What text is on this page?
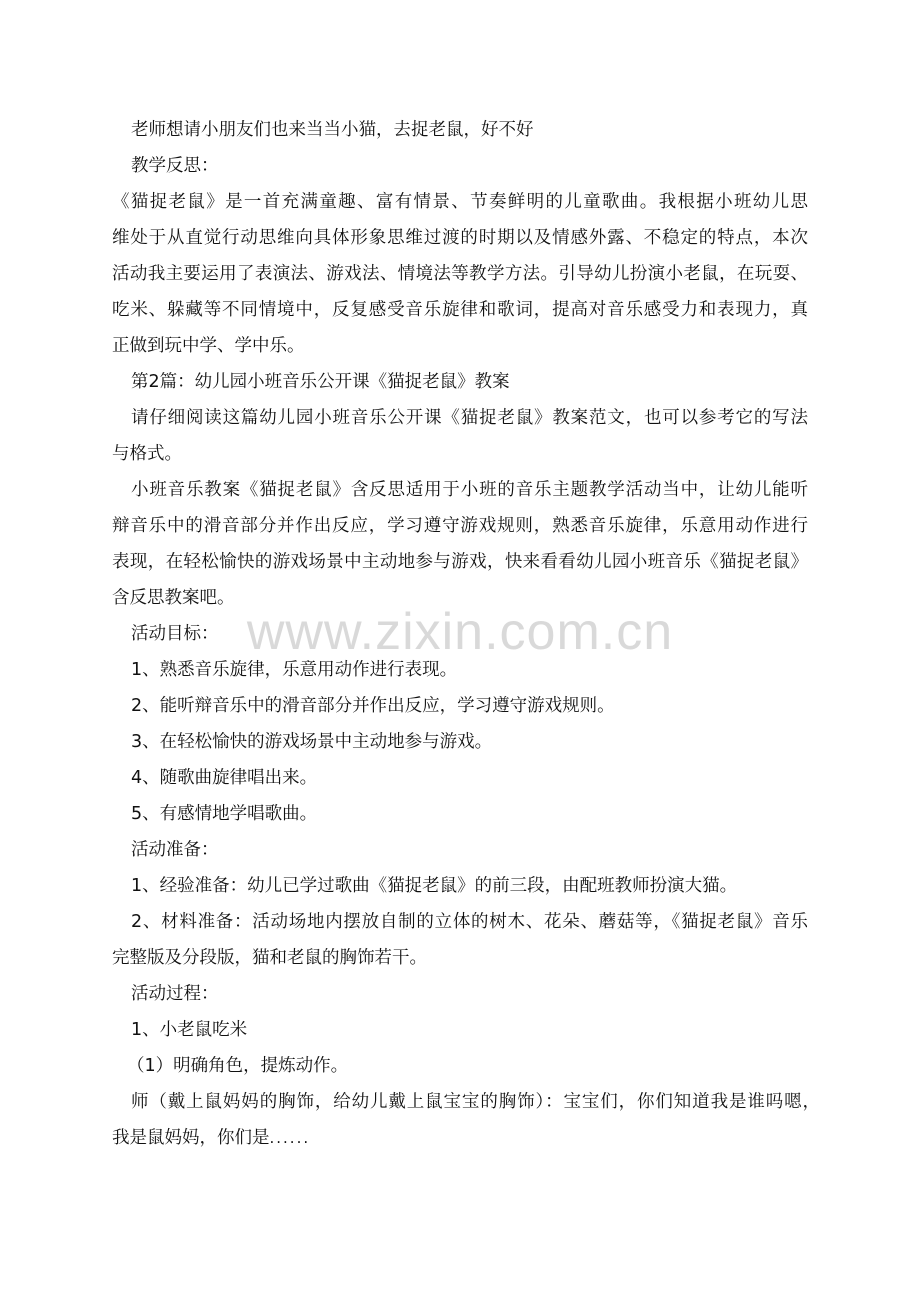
www.zixin.com.cn
老师想请小朋友们也来当当小猫，去捉老鼠，好不好
教学反思：
《猫捉老鼠》是一首充满童趣、富有情景、节奏鲜明的儿童歌曲。我根据小班幼儿思
维处于从直觉行动思维向具体形象思维过渡的时期以及情感外露、不稳定的特点，本次
活动我主要运用了表演法、游戏法、情境法等教学方法。引导幼儿扮演小老鼠，在玩耍、
吃米、躲藏等不同情境中，反复感受音乐旋律和歌词，提高对音乐感受力和表现力，真
正做到玩中学、学中乐。
第2篇：幼儿园小班音乐公开课《猫捉老鼠》教案
请仔细阅读这篇幼儿园小班音乐公开课《猫捉老鼠》教案范文，也可以参考它的写法
与格式。
小班音乐教案《猫捉老鼠》含反思适用于小班的音乐主题教学活动当中，让幼儿能听
辩音乐中的滑音部分并作出反应，学习遵守游戏规则，熟悉音乐旋律，乐意用动作进行
表现，在轻松愉快的游戏场景中主动地参与游戏，快来看看幼儿园小班音乐《猫捉老鼠》
含反思教案吧。
活动目标：
1、熟悉音乐旋律，乐意用动作进行表现。
2、能听辩音乐中的滑音部分并作出反应，学习遵守游戏规则。
3、在轻松愉快的游戏场景中主动地参与游戏。
4、随歌曲旋律唱出来。
5、有感情地学唱歌曲。
活动准备：
1、经验准备：幼儿已学过歌曲《猫捉老鼠》的前三段，由配班教师扮演大猫。
2、材料准备：活动场地内摆放自制的立体的树木、花朵、蘑菇等，《猫捉老鼠》音乐
完整版及分段版，猫和老鼠的胸饰若干。
活动过程：
1、小老鼠吃米
（1）明确角色，提炼动作。
师（戴上鼠妈妈的胸饰，给幼儿戴上鼠宝宝的胸饰）：宝宝们，你们知道我是谁吗嗯，
我是鼠妈妈，你们是......
